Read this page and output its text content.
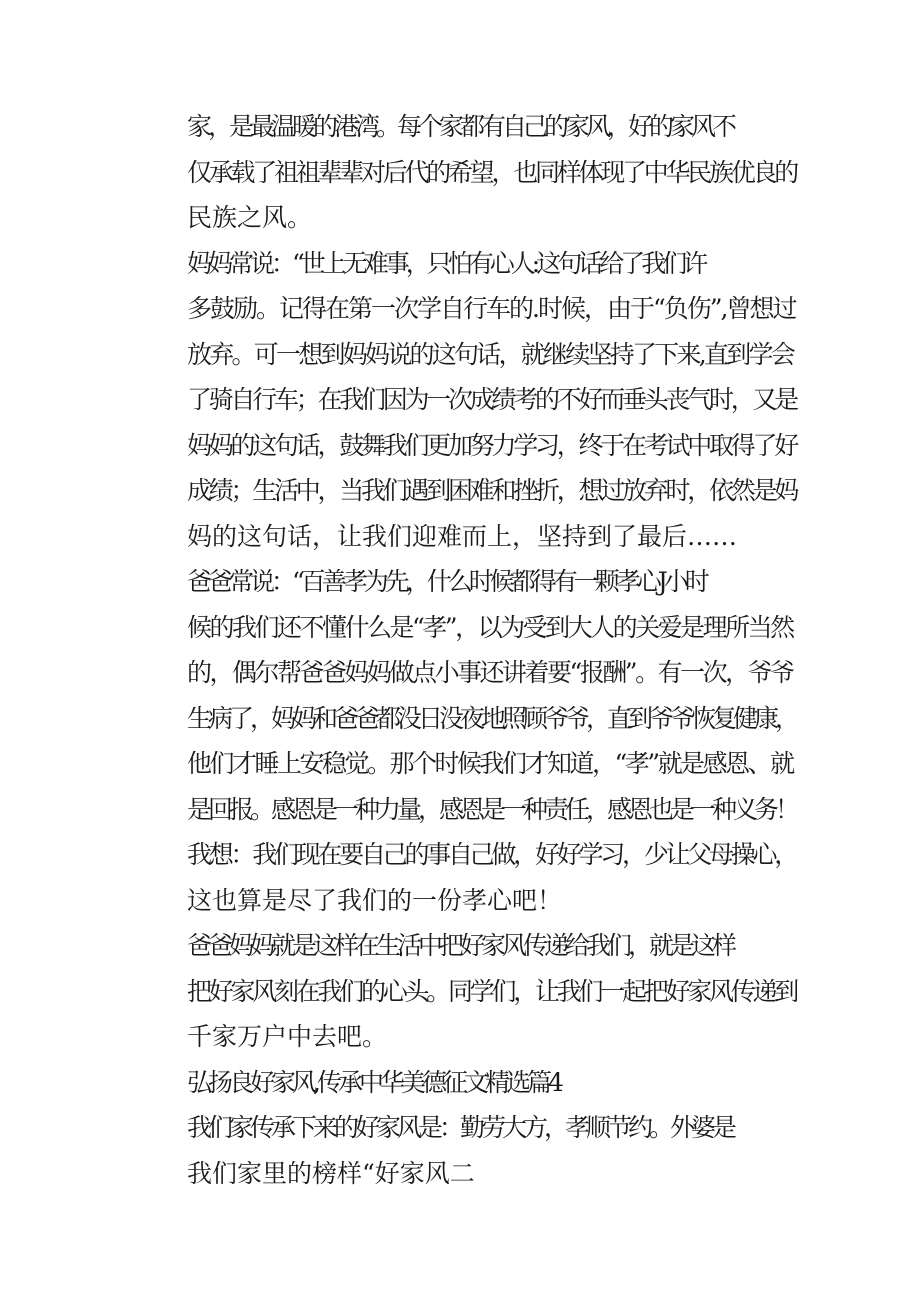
家，是最温暖的港湾。每个家都有自己的家风，好的家风不
仅承载了祖祖辈辈对后代的希望，也同样体现了中华民族优良的
民族之风。

妈妈常说：“世上无难事，只怕有心人:这句话给了我们许
多鼓励。记得在第一次学自行车的.时候，由于“负伤”,曾想过
放弃。可一想到妈妈说的这句话，就继续坚持了下来,直到学会
了骑自行车；在我们因为一次成绩考的不好而垂头丧气时，又是
妈妈的这句话，鼓舞我们更加努力学习，终于在考试中取得了好
成绩；生活中，当我们遇到困难和挫折，想过放弃时，依然是妈
妈的这句话，让我们迎难而上，坚持到了最后……

爸爸常说：“百善孝为先，什么时候都得有一颗孝心J小时
候的我们还不懂什么是“孝”，以为受到大人的关爱是理所当然
的，偶尔帮爸爸妈妈做点小事还讲着要“报酬”。有一次，爷爷
生病了，妈妈和爸爸都没日没夜地照顾爷爷，直到爷爷恢复健康，
他们才睡上安稳觉。那个时候我们才知道，“孝”就是感恩、就
是回报。感恩是一种力量，感恩是一种责任，感恩也是一种义务！
我想：我们现在要自己的事自己做，好好学习，少让父母操心，
这也算是尽了我们的一份孝心吧！

爸爸妈妈就是这样在生活中把好家风传递给我们，就是这样
把好家风刻在我们的心头。同学们，让我们一起把好家风传递到
千家万户中去吧。

弘扬良好家风,传承中华美德征文精选篇4

我们家传承下来的好家风是：勤劳大方，孝顺节约。外婆是
我们家里的榜样“好家风二
